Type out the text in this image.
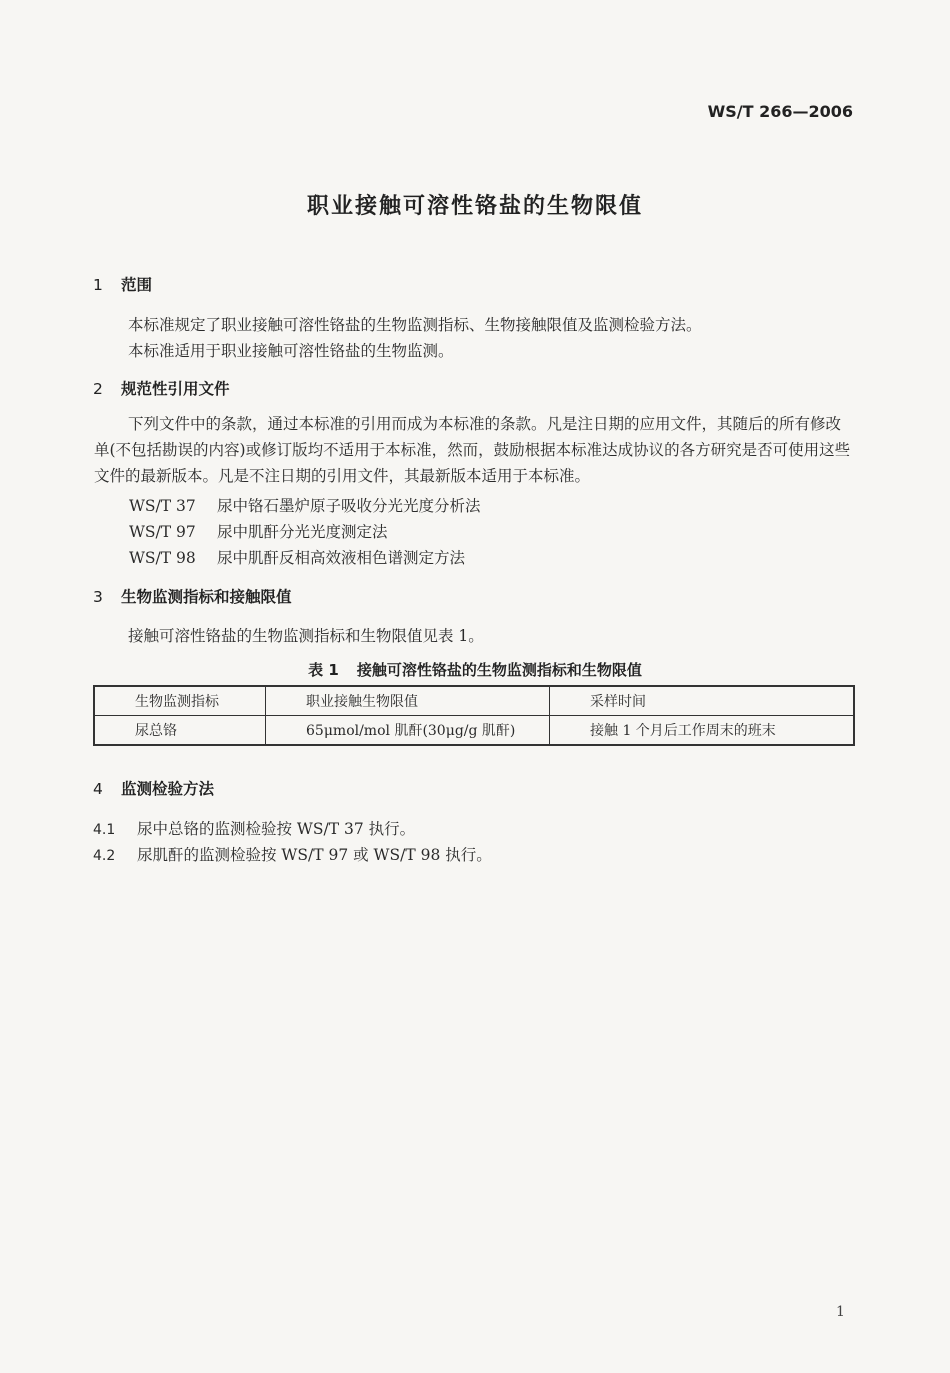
WS/T 266—2006
职业接触可溶性铬盐的生物限值
1 范围
本标准规定了职业接触可溶性铬盐的生物监测指标、生物接触限值及监测检验方法。
本标准适用于职业接触可溶性铬盐的生物监测。
2 规范性引用文件
下列文件中的条款，通过本标准的引用而成为本标准的条款。凡是注日期的应用文件，其随后的所有修改单(不包括勘误的内容)或修订版均不适用于本标准，然而，鼓励根据本标准达成协议的各方研究是否可使用这些文件的最新版本。凡是不注日期的引用文件，其最新版本适用于本标准。
WS/T 37 尿中铬石墨炉原子吸收分光光度分析法
WS/T 97 尿中肌酐分光光度测定法
WS/T 98 尿中肌酐反相高效液相色谱测定方法
3 生物监测指标和接触限值
接触可溶性铬盐的生物监测指标和生物限值见表 1。
表 1 接触可溶性铬盐的生物监测指标和生物限值
生物监测指标	职业接触生物限值	采样时间
尿总铬	65μmol/mol 肌酐(30μg/g 肌酐)	接触 1 个月后工作周末的班末
4 监测检验方法
4.1 尿中总铬的监测检验按 WS/T 37 执行。
4.2 尿肌酐的监测检验按 WS/T 97 或 WS/T 98 执行。
1
